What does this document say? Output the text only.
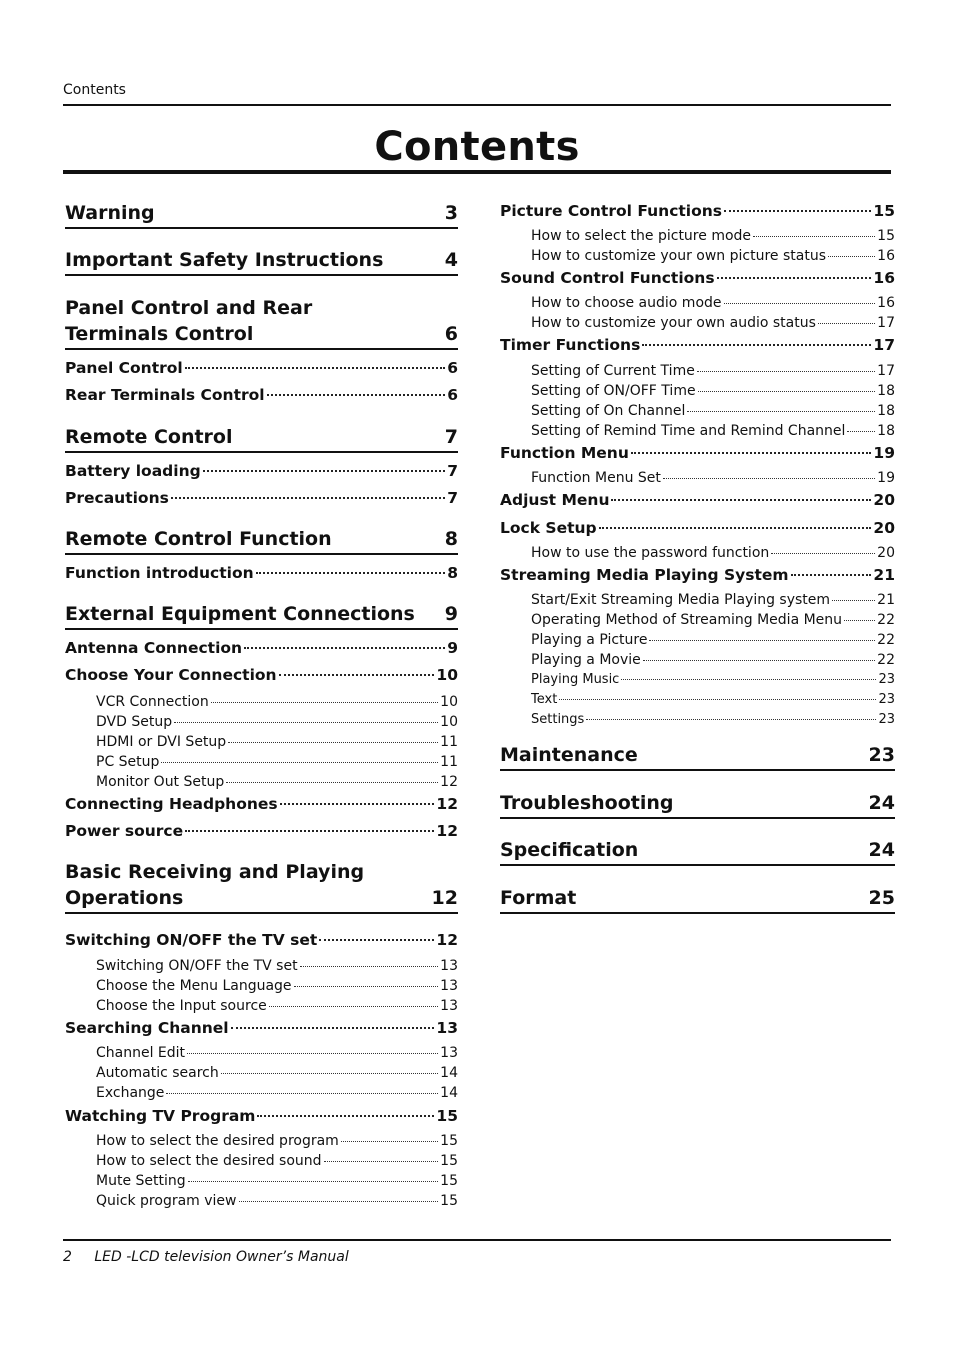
Contents
Contents
Warning	3
Important Safety Instructions	4
Panel Control and Rear Terminals Control	6
Panel Control	6
Rear Terminals Control	6
Remote Control	7
Battery loading	7
Precautions	7
Remote Control Function	8
Function introduction	8
External Equipment Connections 9
Antenna Connection	9
Choose Your Connection	10
VCR Connection	10
DVD Setup	10
HDMI or DVI Setup	11
PC Setup	11
Monitor Out Setup	12
Connecting Headphones	12
Power source	12
Basic Receiving and Playing Operations	12
Switching ON/OFF the TV set	12
Switching ON/OFF the TV set	13
Choose the Menu Language	13
Choose the Input source	13
Searching Channel	13
Channel Edit	13
Automatic search	14
Exchange	14
Watching TV Program	15
How to select the desired program	15
How to select the desired sound	15
Mute Setting	15
Quick program view	15
Picture Control Functions	15
How to select the picture mode	15
How to customize your own picture status	16
Sound Control Functions	16
How to choose audio mode	16
How to customize your own audio status	17
Timer Functions	17
Setting of Current Time	17
Setting of ON/OFF Time	18
Setting of On Channel	18
Setting of Remind Time and Remind Channel 18
Function Menu	19
Function Menu Set	19
Adjust Menu	20
Lock Setup	20
How to use the password function	20
Streaming Media Playing System	21
Start/Exit Streaming Media Playing system	21
Operating Method of Streaming Media Menu	22
Playing a Picture	22
Playing a Movie	22
Playing Music	23
Text	23
Settings	23
Maintenance	23
Troubleshooting	24
Specification	24
Format	25
2 LED -LCD television Owner’s Manual
